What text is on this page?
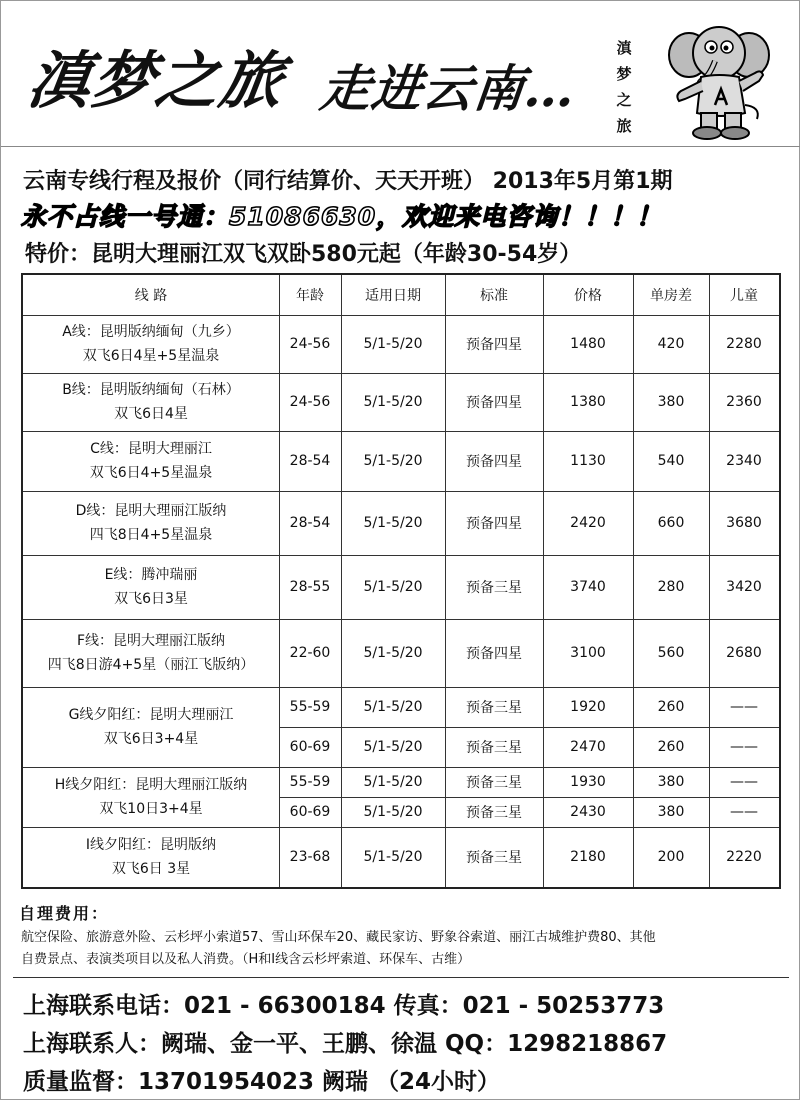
滇梦之旅 走进云南…
滇
梦
之
旅
云南专线行程及报价（同行结算价、天天开班） 2013年5月第1期
永不占线一号通：51086630，欢迎来电咨询！！！！
特价：昆明大理丽江双飞双卧580元起（年龄30-54岁）
线 路	年龄	适用日期	标准	价格	单房差	儿童
A线：昆明版纳缅甸（九乡）
双飞6日4星+5星温泉
24-56	5/1-5/20	预备四星	1480	420	2280
B线：昆明版纳缅甸（石林）
双飞6日4星
24-56	5/1-5/20	预备四星	1380	380	2360
C线：昆明大理丽江
双飞6日4+5星温泉
28-54	5/1-5/20	预备四星	1130	540	2340
D线：昆明大理丽江版纳
四飞8日4+5星温泉
28-54	5/1-5/20	预备四星	2420	660	3680
E线：腾冲瑞丽
双飞6日3星
28-55	5/1-5/20	预备三星	3740	280	3420
F线：昆明大理丽江版纳
四飞8日游4+5星（丽江飞版纳）
22-60	5/1-5/20	预备四星	3100	560	2680
G线夕阳红：昆明大理丽江
双飞6日3+4星
55-59	5/1-5/20	预备三星	1920	260	——
60-69	5/1-5/20	预备三星	2470	260	——
H线夕阳红：昆明大理丽江版纳
双飞10日3+4星
55-59	5/1-5/20	预备三星	1930	380	——
60-69	5/1-5/20	预备三星	2430	380	——
I线夕阳红：昆明版纳
双飞6日 3星
23-68	5/1-5/20	预备三星	2180	200	2220
自理费用：
航空保险、旅游意外险、云杉坪小索道57、雪山环保车20、藏民家访、野象谷索道、丽江古城维护费80、其他
自费景点、表演类项目以及私人消费。（H和I线含云杉坪索道、环保车、古维）
上海联系电话：021 - 66300184 传真：021 - 50253773
上海联系人：阙瑞、金一平、王鹏、徐温 QQ：1298218867
质量监督：13701954023 阙瑞 （24小时）
